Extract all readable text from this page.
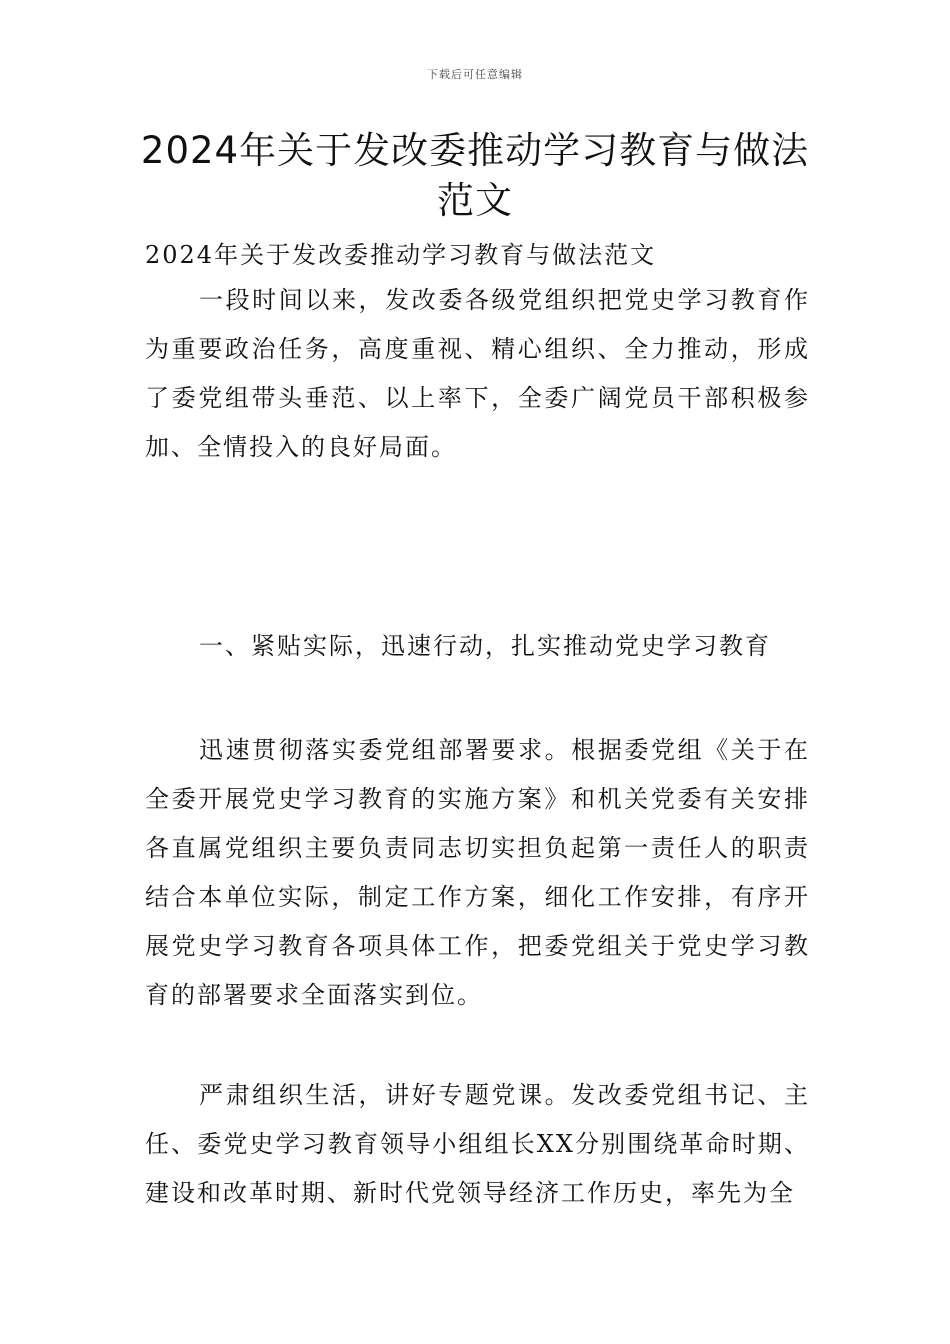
下载后可任意编辑
2024年关于发改委推动学习教育与做法范文
2024年关于发改委推动学习教育与做法范文
一段时间以来，发改委各级党组织把党史学习教育作为重要政治任务，高度重视、精心组织、全力推动，形成了委党组带头垂范、以上率下，全委广阔党员干部积极参加、全情投入的良好局面。
一、紧贴实际，迅速行动，扎实推动党史学习教育
迅速贯彻落实委党组部署要求。根据委党组《关于在全委开展党史学习教育的实施方案》和机关党委有关安排各直属党组织主要负责同志切实担负起第一责任人的职责结合本单位实际，制定工作方案，细化工作安排，有序开展党史学习教育各项具体工作，把委党组关于党史学习教育的部署要求全面落实到位。
严肃组织生活，讲好专题党课。发改委党组书记、主任、委党史学习教育领导小组组长XX分别围绕革命时期、建设和改革时期、新时代党领导经济工作历史，率先为全
